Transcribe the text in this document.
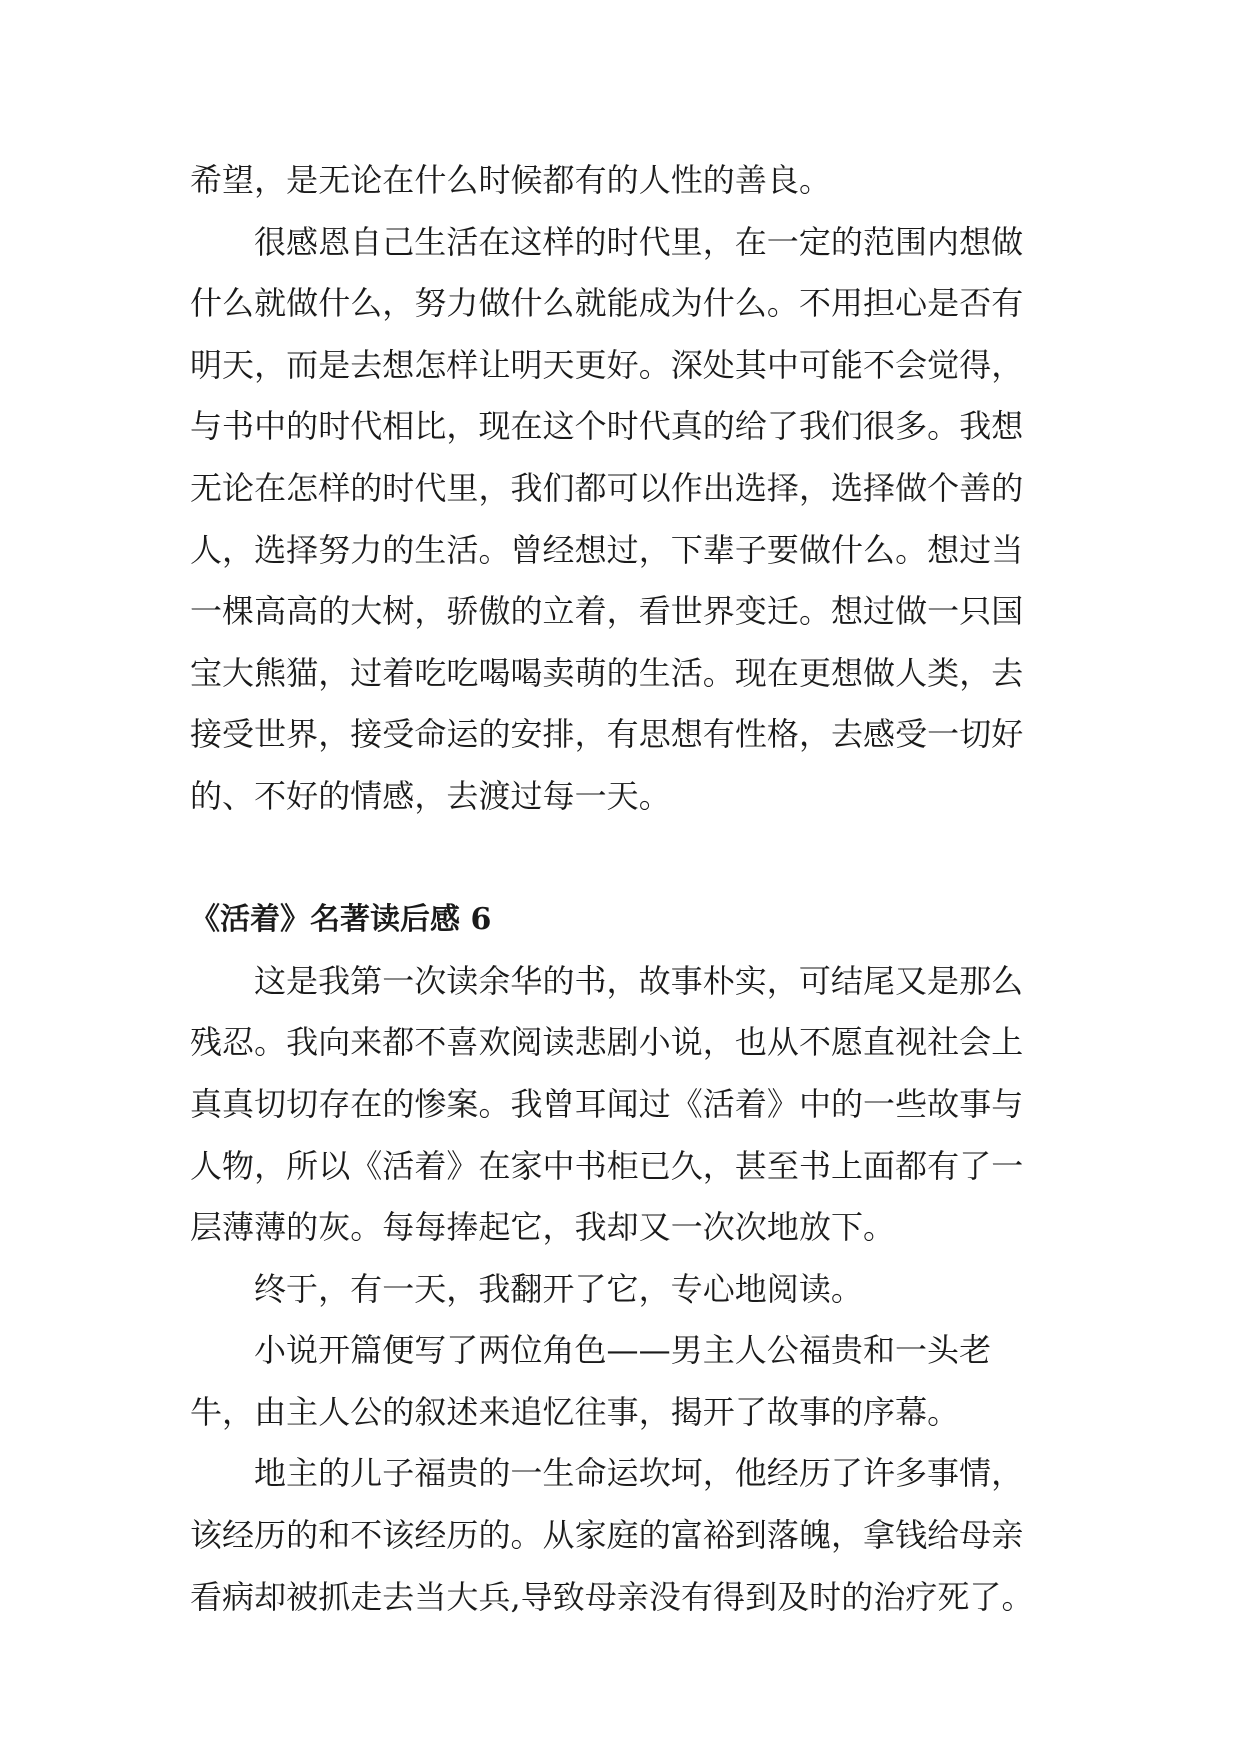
希望，是无论在什么时候都有的人性的善良。
很感恩自己生活在这样的时代里，在一定的范围内想做
什么就做什么，努力做什么就能成为什么。不用担心是否有
明天，而是去想怎样让明天更好。深处其中可能不会觉得，
与书中的时代相比，现在这个时代真的给了我们很多。我想
无论在怎样的时代里，我们都可以作出选择，选择做个善的
人，选择努力的生活。曾经想过，下辈子要做什么。想过当
一棵高高的大树，骄傲的立着，看世界变迁。想过做一只国
宝大熊猫，过着吃吃喝喝卖萌的生活。现在更想做人类，去
接受世界，接受命运的安排，有思想有性格，去感受一切好
的、不好的情感，去渡过每一天。
《活着》名著读后感 6
这是我第一次读余华的书，故事朴实，可结尾又是那么
残忍。我向来都不喜欢阅读悲剧小说，也从不愿直视社会上
真真切切存在的惨案。我曾耳闻过《活着》中的一些故事与
人物，所以《活着》在家中书柜已久，甚至书上面都有了一
层薄薄的灰。每每捧起它，我却又一次次地放下。
终于，有一天，我翻开了它，专心地阅读。
小说开篇便写了两位角色——男主人公福贵和一头老
牛，由主人公的叙述来追忆往事，揭开了故事的序幕。
地主的儿子福贵的一生命运坎坷，他经历了许多事情，
该经历的和不该经历的。从家庭的富裕到落魄，拿钱给母亲
看病却被抓走去当大兵,导致母亲没有得到及时的治疗死了。
